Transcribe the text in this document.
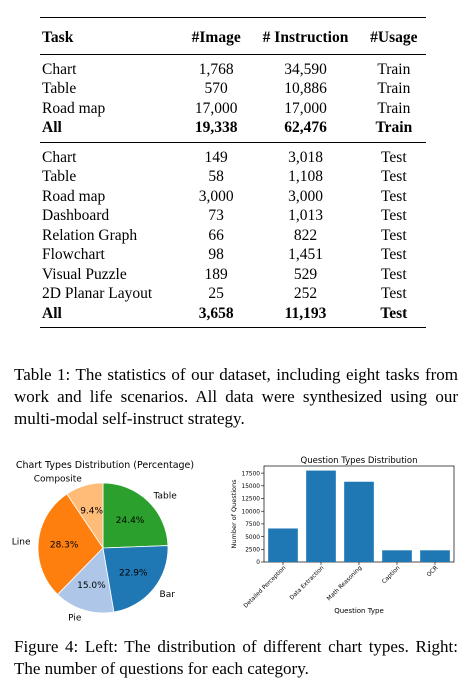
Task	#Image	# Instruction	#Usage
Chart	1,768	34,590	Train
Table	570	10,886	Train
Road map	17,000	17,000	Train
All	19,338	62,476	Train
Chart	149	3,018	Test
Table	58	1,108	Test
Road map	3,000	3,000	Test
Dashboard	73	1,013	Test
Relation Graph	66	822	Test
Flowchart	98	1,451	Test
Visual Puzzle	189	529	Test
2D Planar Layout	25	252	Test
All	3,658	11,193	Test
Table 1: The statistics of our dataset, including eight tasks from work and life scenarios. All data were synthesized using our multi-modal self-instruct strategy.
Chart Types Distribution (Percentage)
24.4%
Table
9.4%
Composite
28.3%
Line
15.0%
Pie
22.9%
Bar
Question Types Distribution
0
2500
5000
7500
10000
12500
15000
17500
Detailed Perception Data Extraction Math Reasoning	Caption	OCR
Question Type
Number of Questions
Figure 4: Left: The distribution of different chart types. Right: The number of questions for each category.
